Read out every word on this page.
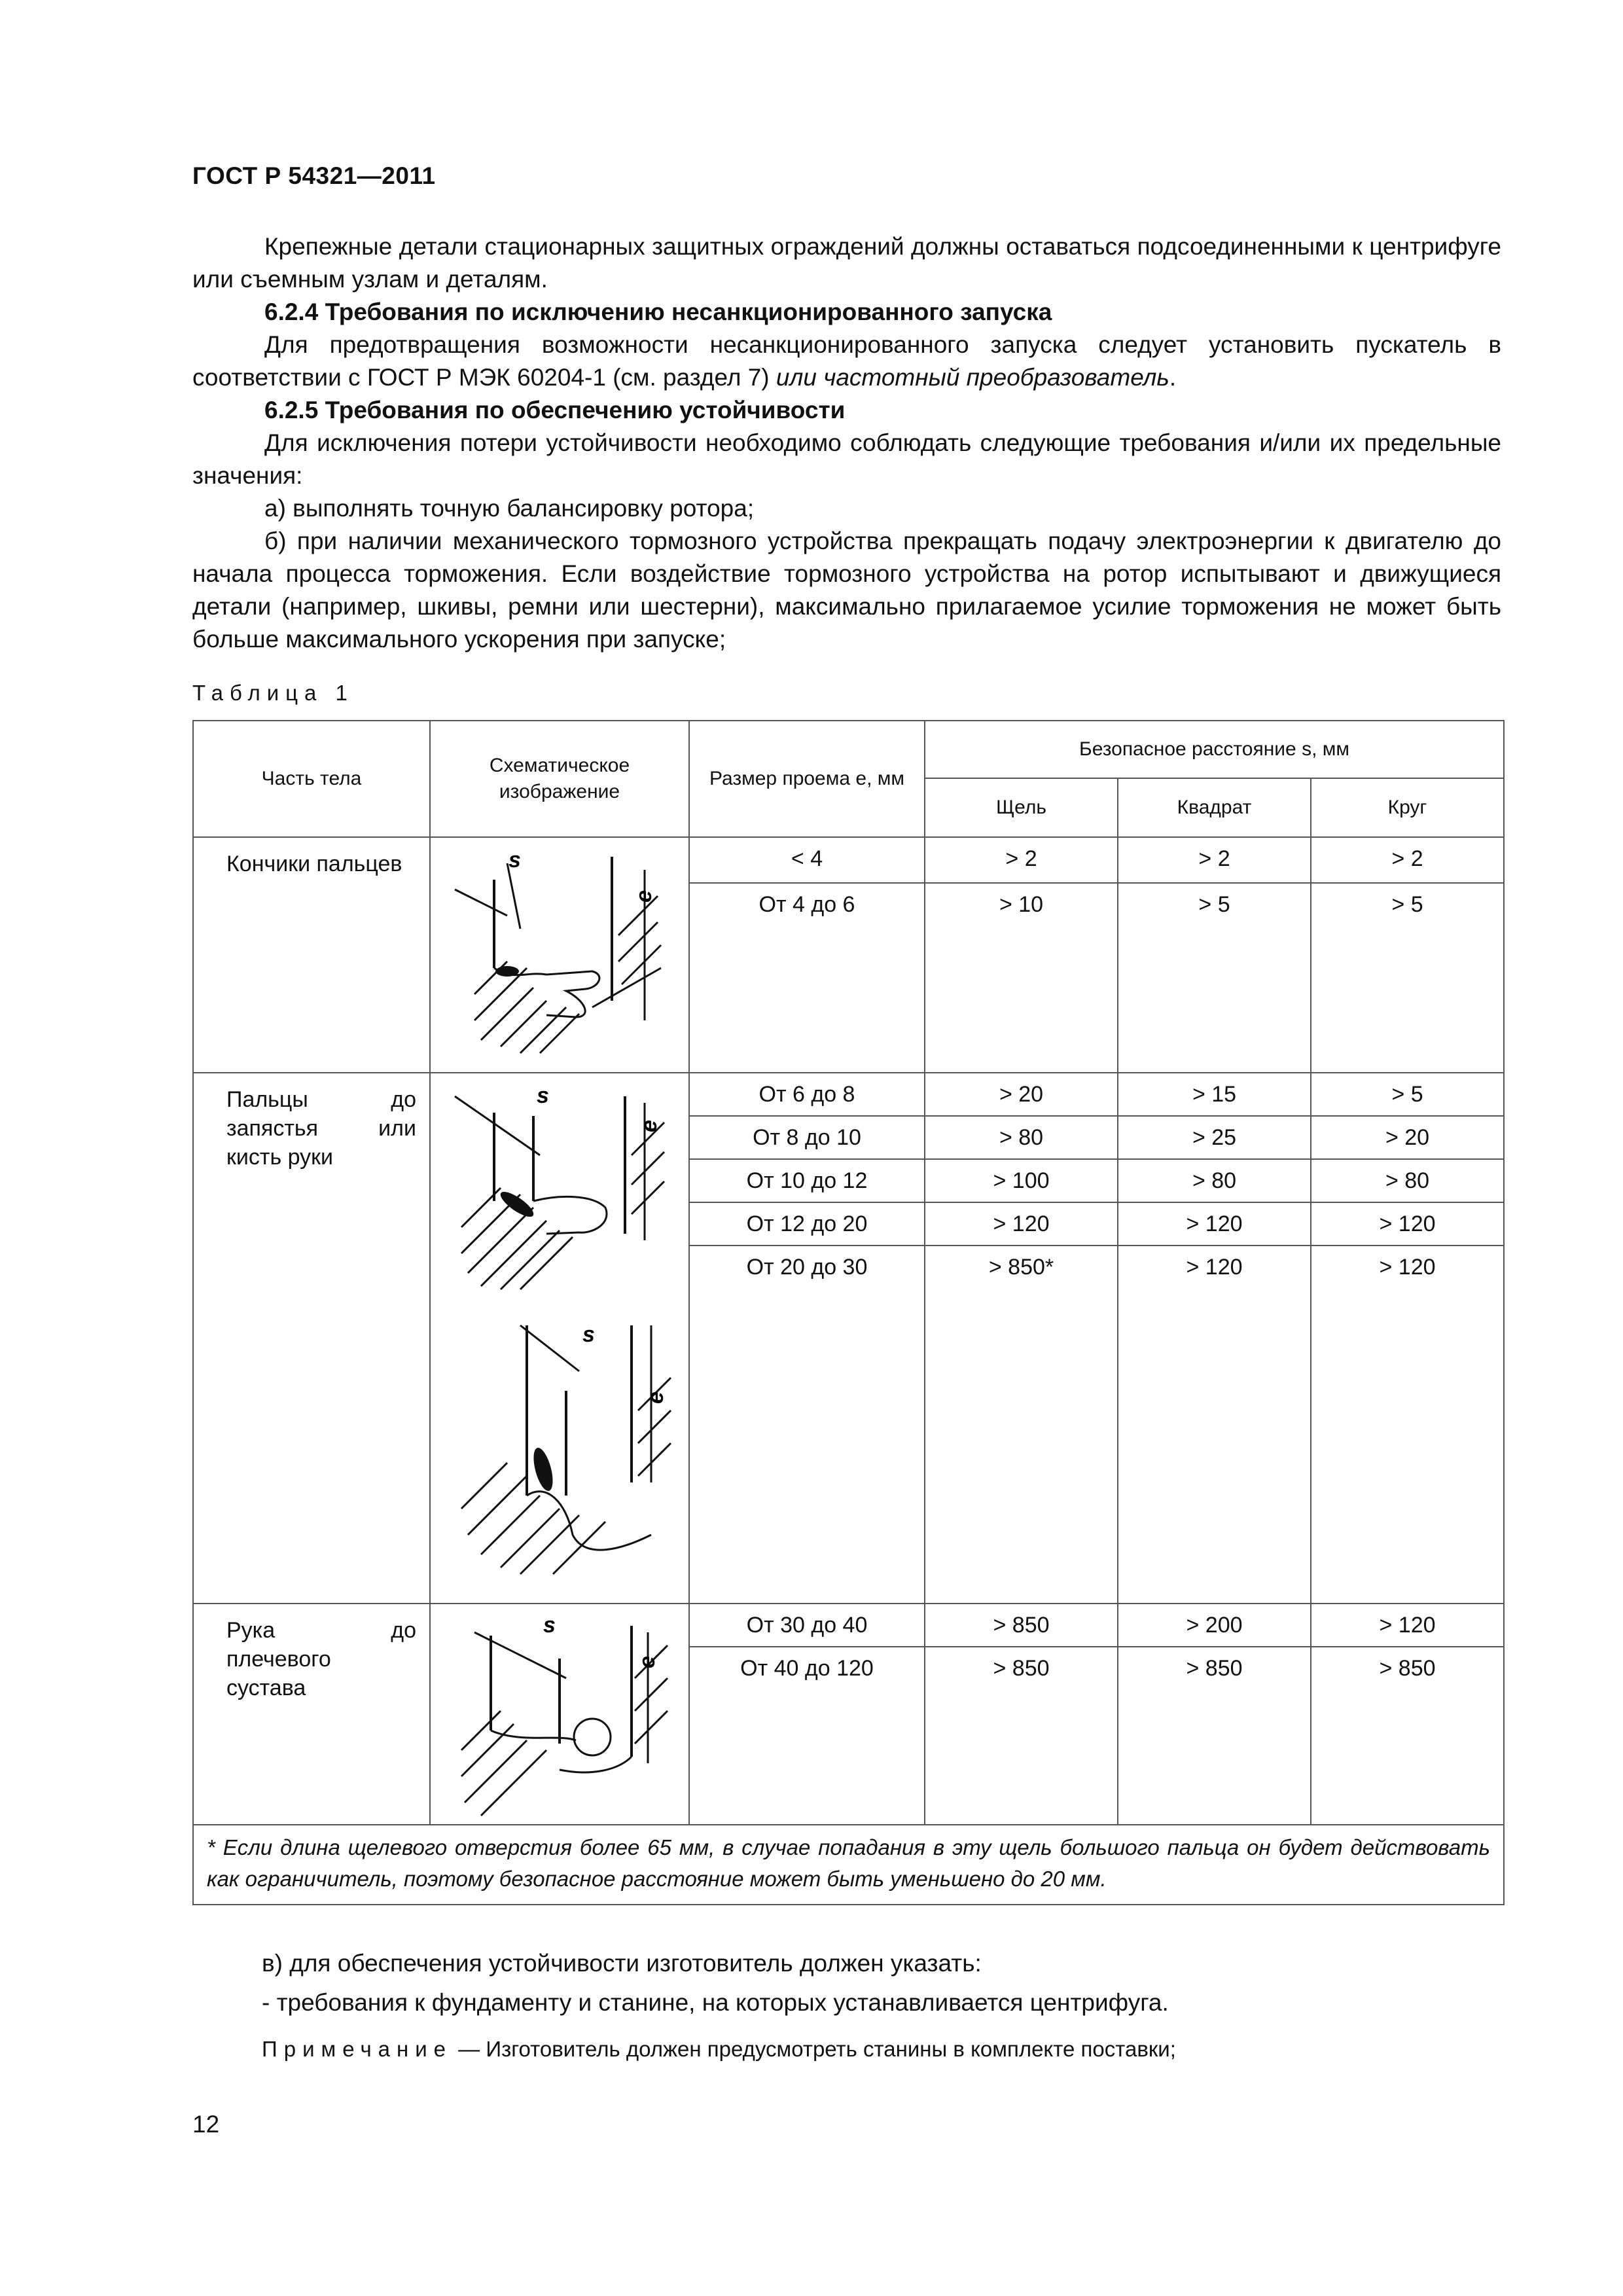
ГОСТ Р 54321—2011

Крепежные детали стационарных защитных ограждений должны оставаться подсоединенными к центрифуге или съемным узлам и деталям.

6.2.4 Требования по исключению несанкционированного запуска

Для предотвращения возможности несанкционированного запуска следует установить пускатель в соответствии с ГОСТ Р МЭК 60204-1 (см. раздел 7) или частотный преобразователь.

6.2.5 Требования по обеспечению устойчивости

Для исключения потери устойчивости необходимо соблюдать следующие требования и/или их предельные значения:

а) выполнять точную балансировку ротора;

б) при наличии механического тормозного устройства прекращать подачу электроэнергии к двигателю до начала процесса торможения. Если воздействие тормозного устройства на ротор испытывают и движущиеся детали (например, шкивы, ремни или шестерни), максимально прилагаемое усилие торможения не может быть больше максимального ускорения при запуске;

Таблица 1
Часть тела	Схематическое изображение	Размер проема e, мм	Безопасное расстояние s, мм		
			Щель	Квадрат	Круг
Кончики пальцев	s
e	< 4	> 2	> 2	> 2
		От 4 до 6	> 10	> 5	> 5
Пальцы до запястья или кисть руки	s
e
s
e	От 6 до 8	> 20	> 15	> 5
		От 8 до 10	> 80	> 25	> 20
		От 10 до 12	> 100	> 80	> 80
		От 12 до 20	> 120	> 120	> 120
		От 20 до 30	> 850*	> 120	> 120
Рука до плечевого сустава	s
e	От 30 до 40	> 850	> 200	> 120
		От 40 до 120	> 850	> 850	> 850
* Если длина щелевого отверстия более 65 мм, в случае попадания в эту щель большого пальца он будет действовать как ограничитель, поэтому безопасное расстояние может быть уменьшено до 20 мм.					

в) для обеспечения устойчивости изготовитель должен указать:

- требования к фундаменту и станине, на которых устанавливается центрифуга.

Примечание — Изготовитель должен предусмотреть станины в комплекте поставки;
12
